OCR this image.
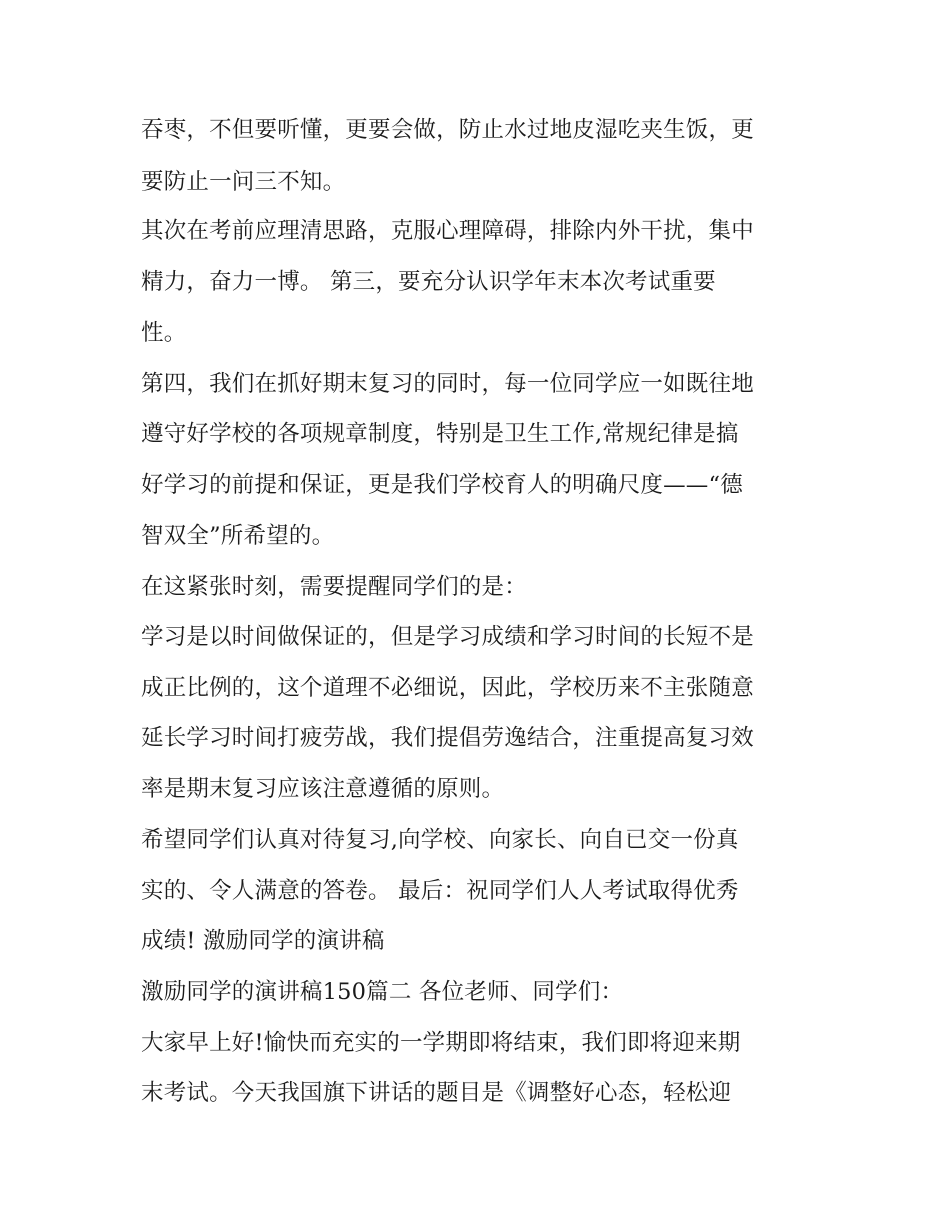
吞枣，不但要听懂，更要会做，防止水过地皮湿吃夹生饭，更

要防止一问三不知。

其次在考前应理清思路，克服心理障碍，排除内外干扰，集中

精力，奋力一博。 第三，要充分认识学年末本次考试重要

性。

第四，我们在抓好期末复习的同时，每一位同学应一如既往地

遵守好学校的各项规章制度，特别是卫生工作,常规纪律是搞

好学习的前提和保证，更是我们学校育人的明确尺度——“德

智双全”所希望的。

在这紧张时刻，需要提醒同学们的是：

学习是以时间做保证的，但是学习成绩和学习时间的长短不是

成正比例的，这个道理不必细说，因此，学校历来不主张随意

延长学习时间打疲劳战，我们提倡劳逸结合，注重提高复习效

率是期末复习应该注意遵循的原则。

希望同学们认真对待复习,向学校、向家长、向自已交一份真

实的、令人满意的答卷。 最后：祝同学们人人考试取得优秀

成绩! 激励同学的演讲稿

激励同学的演讲稿150篇二 各位老师、同学们：

大家早上好!愉快而充实的一学期即将结束，我们即将迎来期

末考试。今天我国旗下讲话的题目是《调整好心态，轻松迎
